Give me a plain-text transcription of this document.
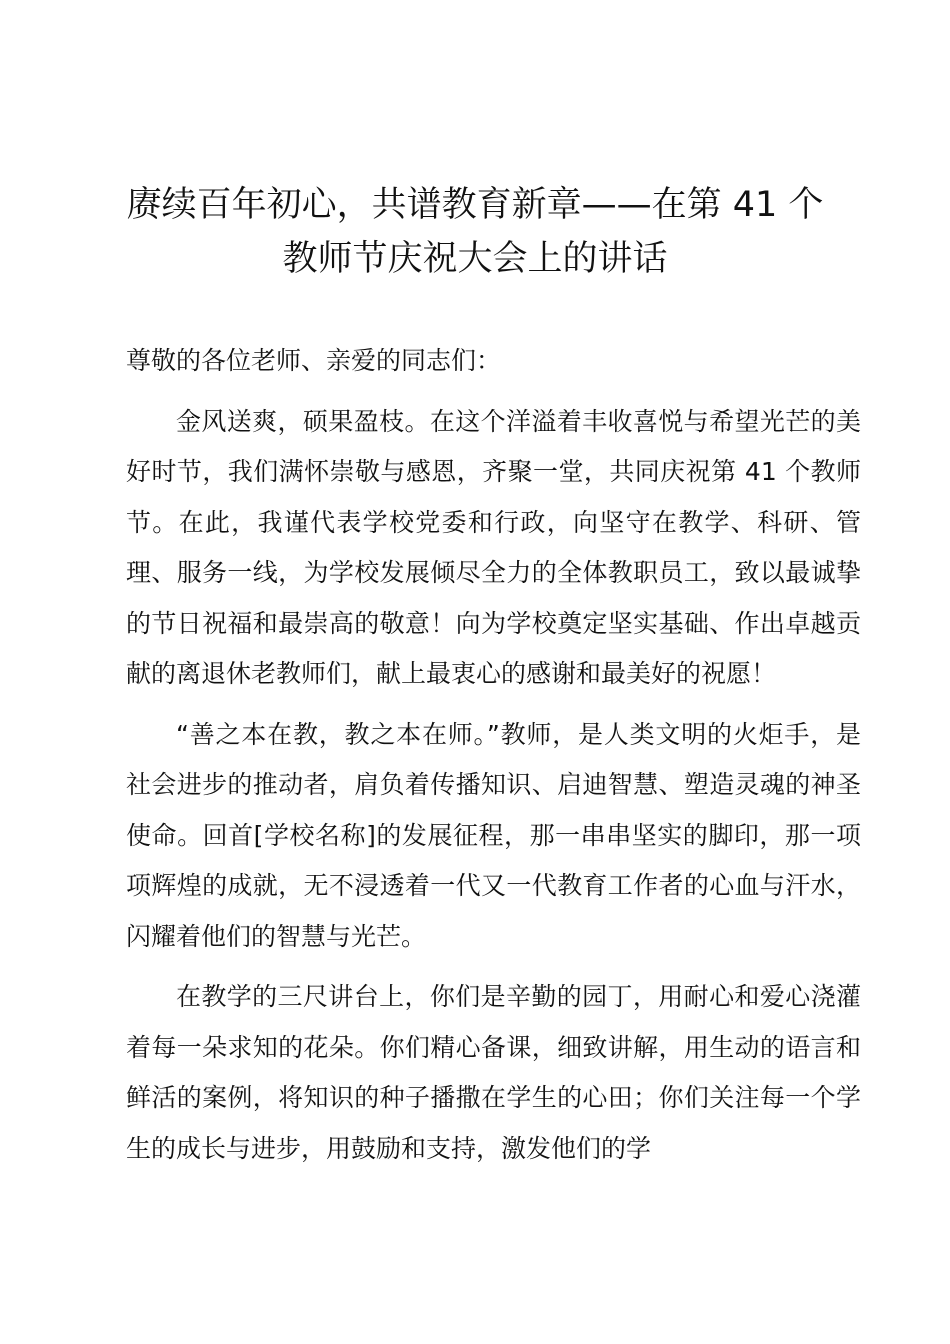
赓续百年初心，共谱教育新章——在第 41 个教师节庆祝大会上的讲话

尊敬的各位老师、亲爱的同志们：

金风送爽，硕果盈枝。在这个洋溢着丰收喜悦与希望光芒的美好时节，我们满怀崇敬与感恩，齐聚一堂，共同庆祝第 41 个教师节。在此，我谨代表学校党委和行政，向坚守在教学、科研、管理、服务一线，为学校发展倾尽全力的全体教职员工，致以最诚挚的节日祝福和最崇高的敬意！向为学校奠定坚实基础、作出卓越贡献的离退休老教师们，献上最衷心的感谢和最美好的祝愿！

“善之本在教，教之本在师。”教师，是人类文明的火炬手，是社会进步的推动者，肩负着传播知识、启迪智慧、塑造灵魂的神圣使命。回首[学校名称]的发展征程，那一串串坚实的脚印，那一项项辉煌的成就，无不浸透着一代又一代教育工作者的心血与汗水，闪耀着他们的智慧与光芒。

在教学的三尺讲台上，你们是辛勤的园丁，用耐心和爱心浇灌着每一朵求知的花朵。你们精心备课，细致讲解，用生动的语言和鲜活的案例，将知识的种子播撒在学生的心田；你们关注每一个学生的成长与进步，用鼓励和支持，激发他们的学
